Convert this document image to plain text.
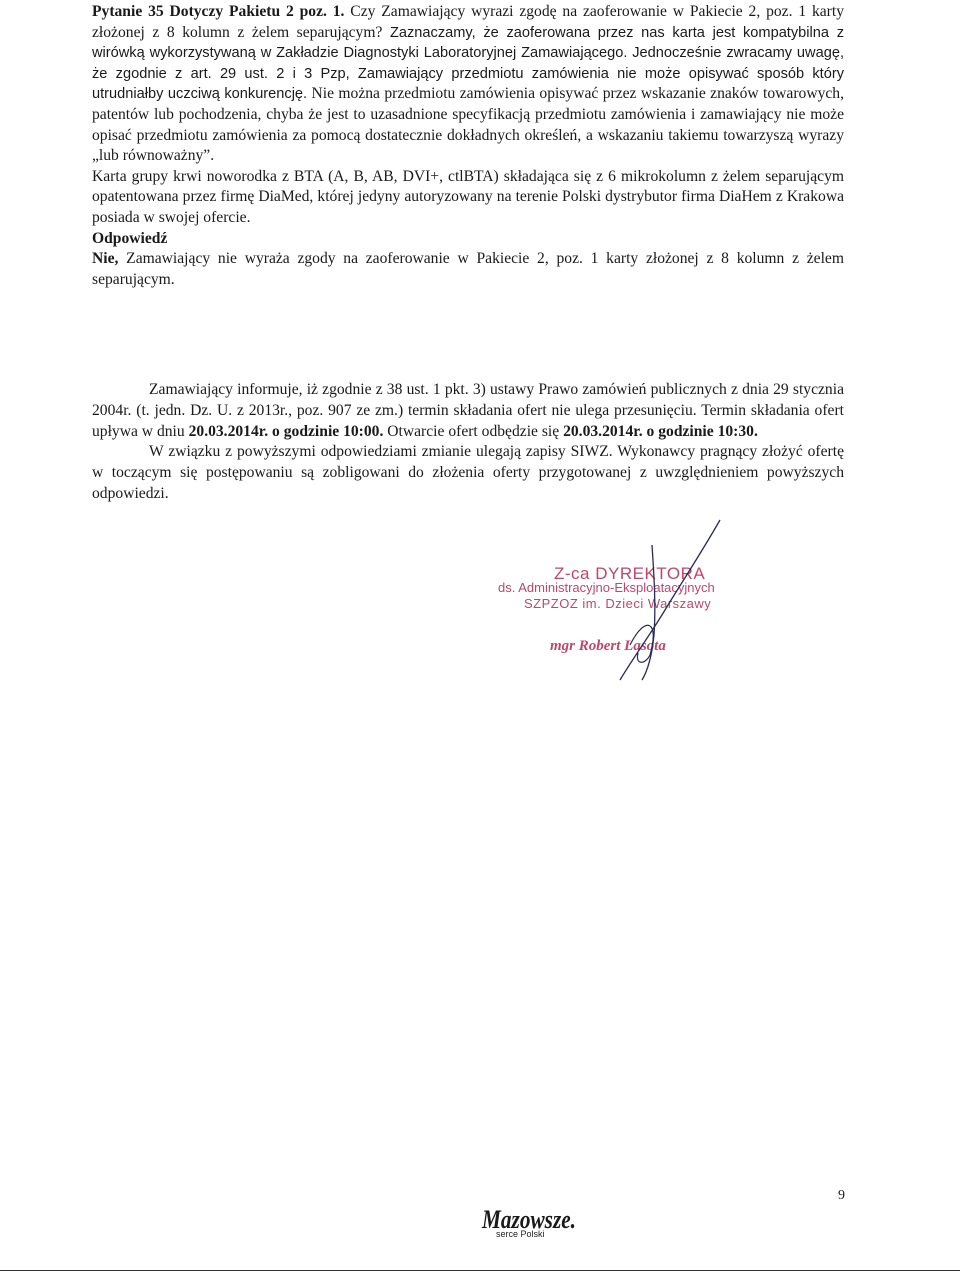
Pytanie 35 Dotyczy Pakietu 2 poz. 1. Czy Zamawiający wyrazi zgodę na zaoferowanie w Pakiecie 2, poz. 1 karty złożonej z 8 kolumn z żelem separującym? Zaznaczamy, że zaoferowana przez nas karta jest kompatybilna z wirówką wykorzystywaną w Zakładzie Diagnostyki Laboratoryjnej Zamawiającego. Jednocześnie zwracamy uwagę, że zgodnie z art. 29 ust. 2 i 3 Pzp, Zamawiający przedmiotu zamówienia nie może opisywać sposób który utrudniałby uczciwą konkurencję. Nie można przedmiotu zamówienia opisywać przez wskazanie znaków towarowych, patentów lub pochodzenia, chyba że jest to uzasadnione specyfikacją przedmiotu zamówienia i zamawiający nie może opisać przedmiotu zamówienia za pomocą dostatecznie dokładnych określeń, a wskazaniu takiemu towarzyszą wyrazy „lub równoważny”.

Karta grupy krwi noworodka z BTA (A, B, AB, DVI+, ctlBTA) składająca się z 6 mikrokolumn z żelem separującym opatentowana przez firmę DiaMed, której jedyny autoryzowany na terenie Polski dystrybutor firma DiaHem z Krakowa posiada w swojej ofercie.

Odpowiedź

Nie, Zamawiający nie wyraża zgody na zaoferowanie w Pakiecie 2, poz. 1 karty złożonej z 8 kolumn z żelem separującym.

Zamawiający informuje, iż zgodnie z 38 ust. 1 pkt. 3) ustawy Prawo zamówień publicznych z dnia 29 stycznia 2004r. (t. jedn. Dz. U. z 2013r., poz. 907 ze zm.) termin składania ofert nie ulega przesunięciu. Termin składania ofert upływa w dniu 20.03.2014r. o godzinie 10:00. Otwarcie ofert odbędzie się 20.03.2014r. o godzinie 10:30.

W związku z powyższymi odpowiedziami zmianie ulegają zapisy SIWZ. Wykonawcy pragnący złożyć ofertę w toczącym się postępowaniu są zobligowani do złożenia oferty przygotowanej z uwzględnieniem powyższych odpowiedzi.

Z-ca DYREKTORA
ds. Administracyjno-Eksploatacyjnych
SZPZOZ im. Dzieci Warszawy
mgr Robert Lasota
Mazowsze.
serce Polski
9
